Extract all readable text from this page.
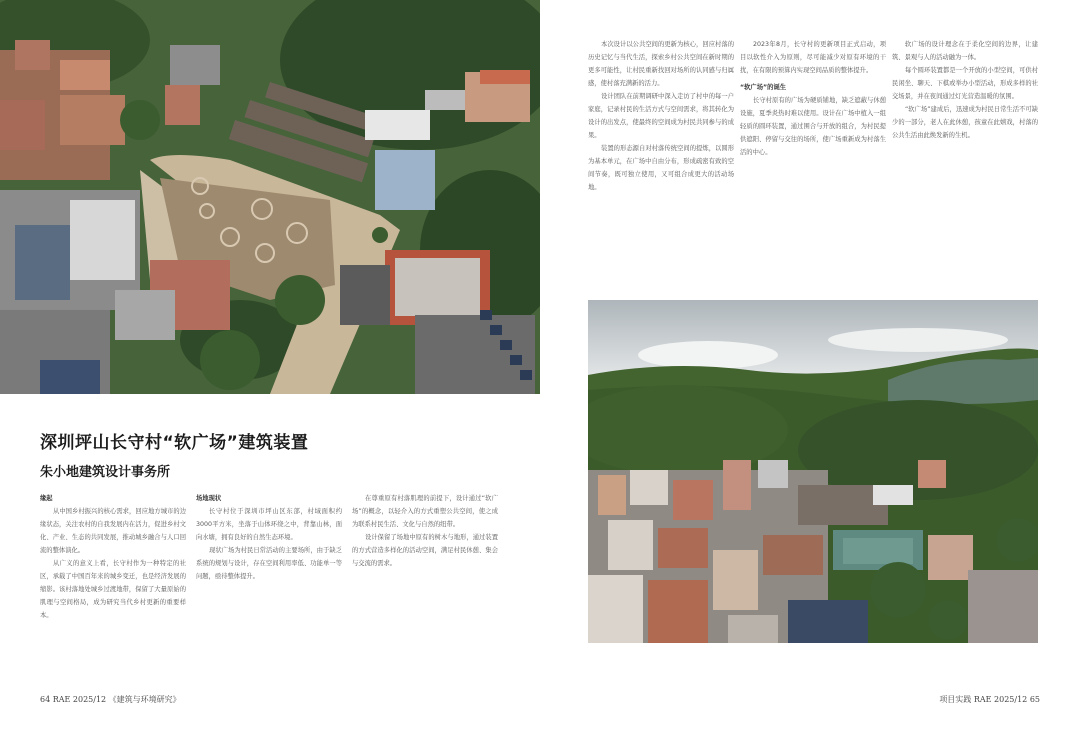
深圳坪山长守村“软广场”建筑装置
朱小地建筑设计事务所
缘起

从中国乡村振兴的核心需求，回应地方城市的边缘状态，关注农村的自我发展内在活力，促进乡村文化、产业、生态的共同发展，推动城乡融合与人口回流的整体演化。

从广义的意义上看，长守村作为一种特定的社区，承载了中国百年来的城乡变迁，也是经济发展的缩影。该村落地处城乡过渡地带，保留了大量原始的肌理与空间格局，成为研究当代乡村更新的重要样本。

场地现状

长守村位于深圳市坪山区东部，村域面积约3000平方米，坐落于山体环绕之中，背靠山林，面向水塘，拥有良好的自然生态环境。

现状广场为村民日常活动的主要场所，由于缺乏系统的规划与设计，存在空间利用率低、功能单一等问题，亟待整体提升。

在尊重原有村落肌理的前提下，设计通过“软广场”的概念，以轻介入的方式重塑公共空间，使之成为联系村民生活、文化与自然的纽带。

设计保留了场地中原有的树木与地形，通过装置的方式营造多样化的活动空间，满足村民休憩、集会与交流的需求。

64 RAE 2025/12 《建筑与环境研究》

本次设计以公共空间的更新为核心，回应村落的历史记忆与当代生活，探索乡村公共空间在新时期的更多可能性，让村民重新找回对场所的认同感与归属感，使村落充满新的活力。

设计团队在前期调研中深入走访了村中的每一户家庭，记录村民的生活方式与空间需求，将其转化为设计的出发点，使最终的空间成为村民共同参与的成果。

装置的形态源自对村落传统空间的提炼，以圆形为基本单元，在广场中自由分布，形成疏密有致的空间节奏，既可独立使用，又可组合成更大的活动场地。

2023年8月，长守村的更新项目正式启动，项目以软性介入为原则，尽可能减少对原有环境的干扰，在有限的预算内实现空间品质的整体提升。

“软广场”的诞生

长守村原有的广场为硬质铺地，缺乏遮蔽与休憩设施，夏季炎热时难以使用。设计在广场中植入一组轻质的圆环装置，通过围合与开放的组合，为村民提供遮阳、停留与交往的场所，使广场重新成为村落生活的中心。

软广场的设计理念在于柔化空间的边界，让建筑、景观与人的活动融为一体。

每个圆环装置都是一个开放的小型空间，可供村民闲坐、聊天、下棋或举办小型活动，形成多样的社交场景，并在夜间通过灯光营造温暖的氛围。

“软广场”建成后，迅速成为村民日常生活不可缺少的一部分，老人在此休憩，孩童在此嬉戏，村落的公共生活由此焕发新的生机。

项目实践 RAE 2025/12 65
